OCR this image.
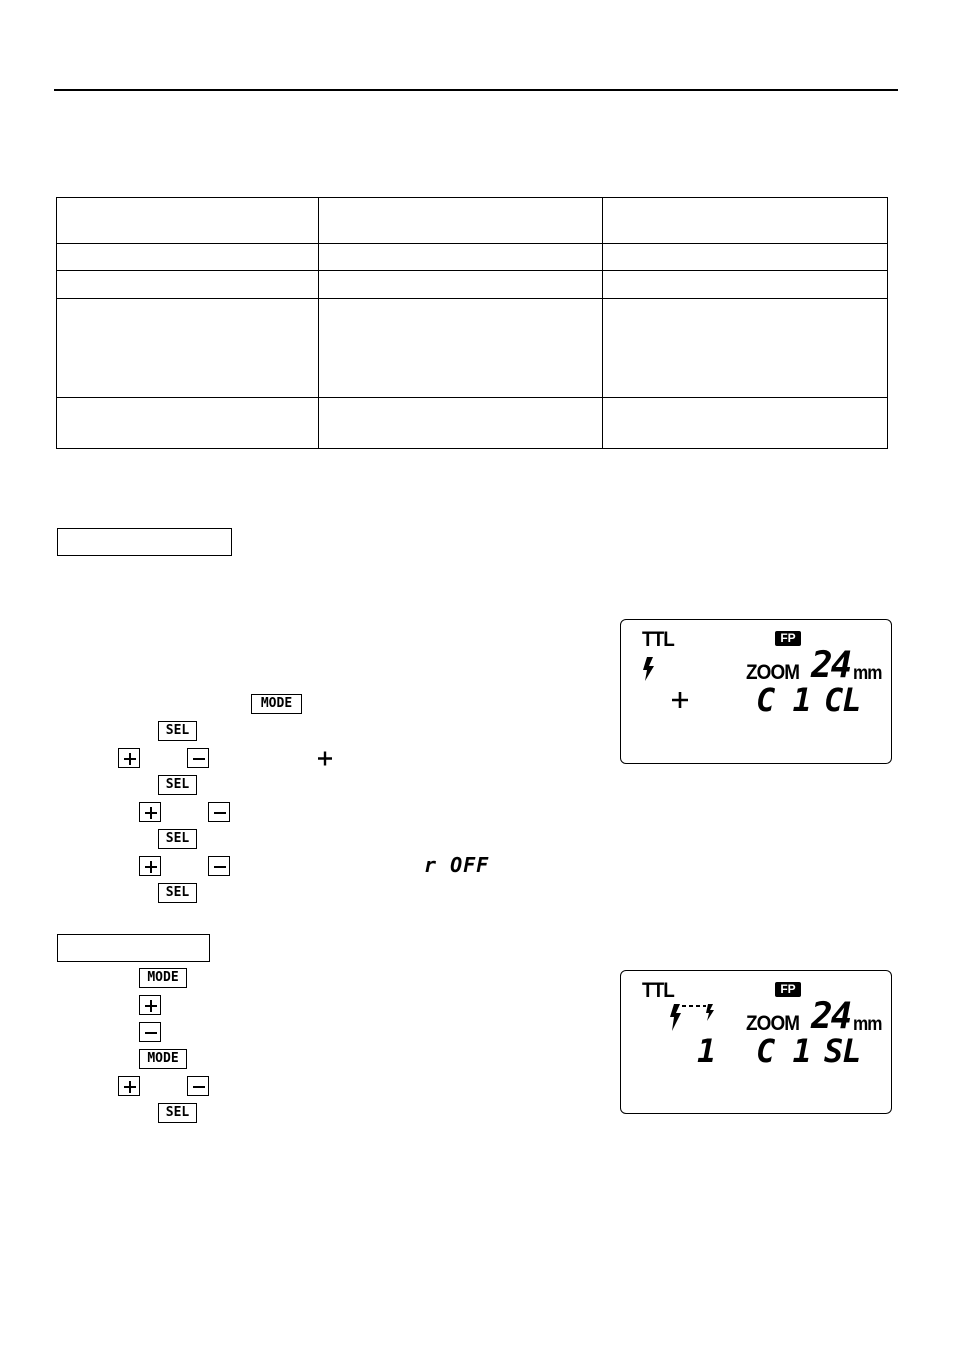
MODE
SEL
SEL
SEL
r OFF
SEL
MODE
MODE
SEL
TTL	FP
ZOOM 24 mm
C 1 CL
TTL	FP
ZOOM 24 mm
1 C 1 SL
